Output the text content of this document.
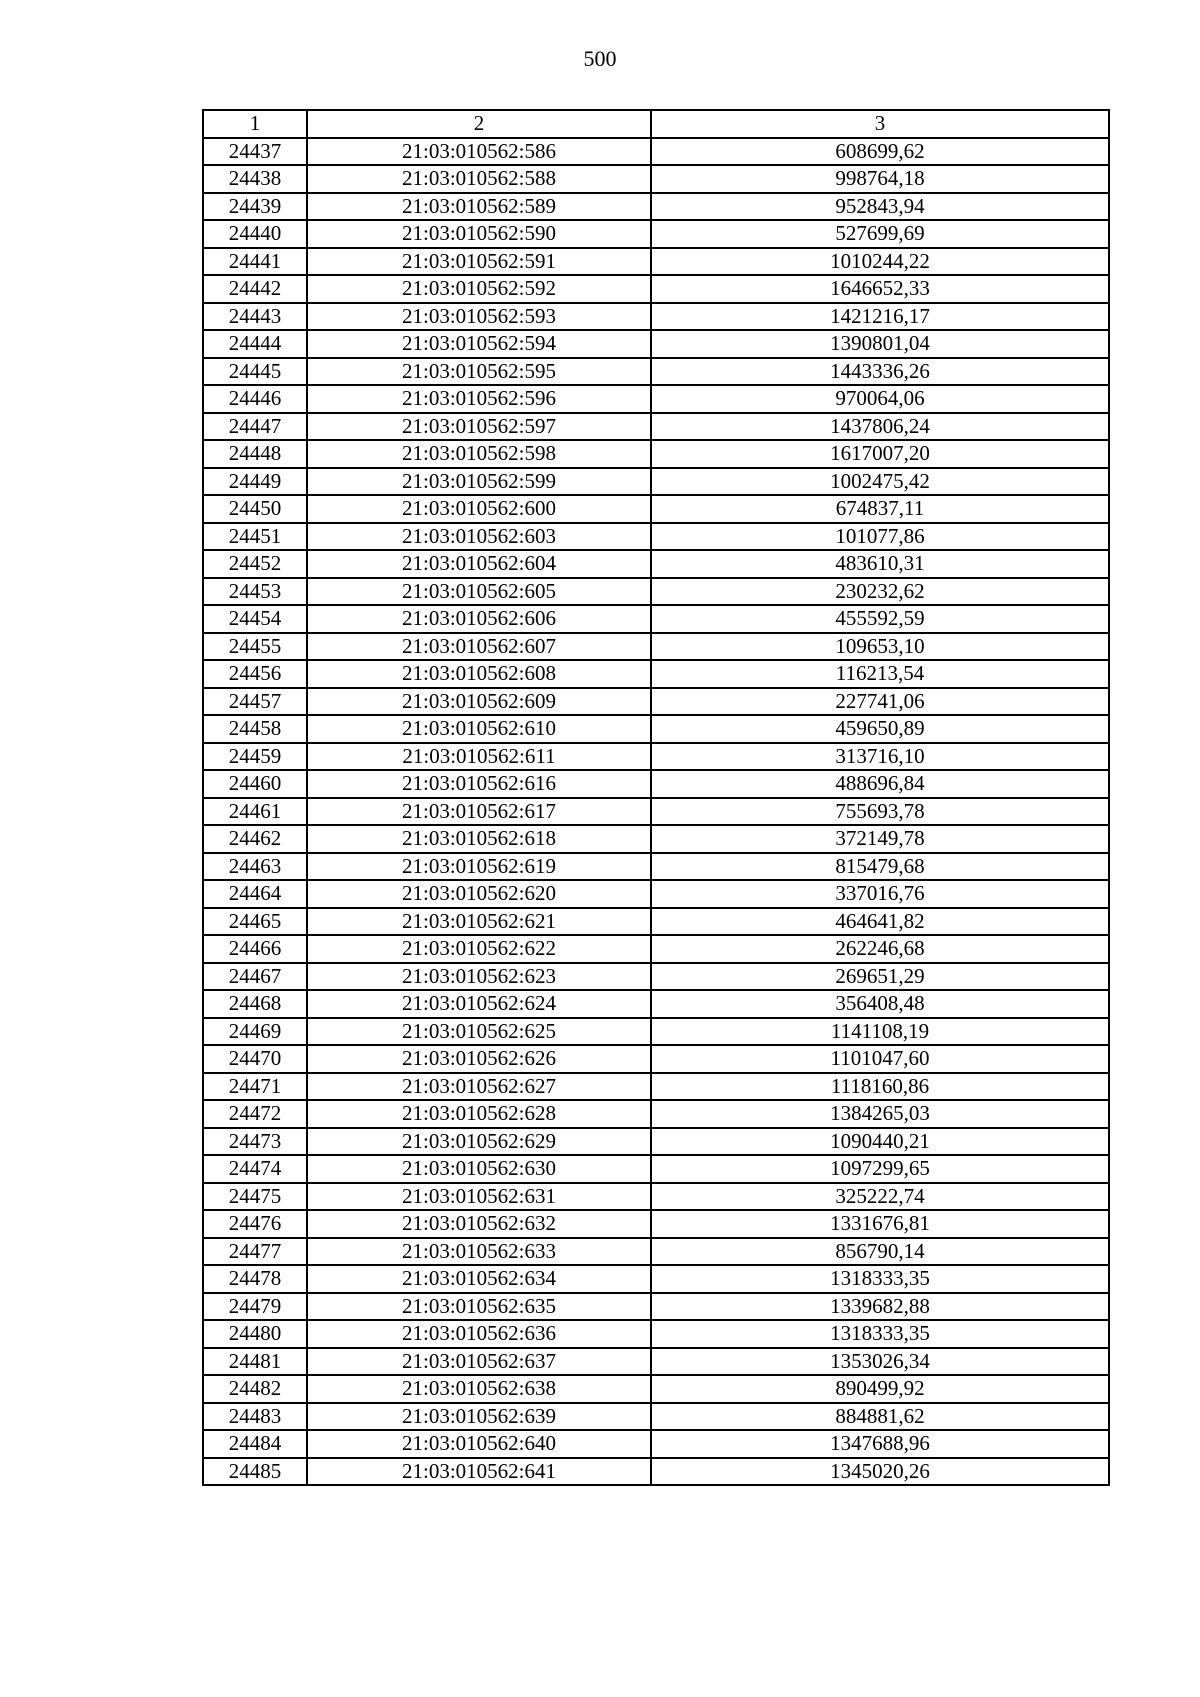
500
1	2	3
24437	21:03:010562:586	608699,62
24438	21:03:010562:588	998764,18
24439	21:03:010562:589	952843,94
24440	21:03:010562:590	527699,69
24441	21:03:010562:591	1010244,22
24442	21:03:010562:592	1646652,33
24443	21:03:010562:593	1421216,17
24444	21:03:010562:594	1390801,04
24445	21:03:010562:595	1443336,26
24446	21:03:010562:596	970064,06
24447	21:03:010562:597	1437806,24
24448	21:03:010562:598	1617007,20
24449	21:03:010562:599	1002475,42
24450	21:03:010562:600	674837,11
24451	21:03:010562:603	101077,86
24452	21:03:010562:604	483610,31
24453	21:03:010562:605	230232,62
24454	21:03:010562:606	455592,59
24455	21:03:010562:607	109653,10
24456	21:03:010562:608	116213,54
24457	21:03:010562:609	227741,06
24458	21:03:010562:610	459650,89
24459	21:03:010562:611	313716,10
24460	21:03:010562:616	488696,84
24461	21:03:010562:617	755693,78
24462	21:03:010562:618	372149,78
24463	21:03:010562:619	815479,68
24464	21:03:010562:620	337016,76
24465	21:03:010562:621	464641,82
24466	21:03:010562:622	262246,68
24467	21:03:010562:623	269651,29
24468	21:03:010562:624	356408,48
24469	21:03:010562:625	1141108,19
24470	21:03:010562:626	1101047,60
24471	21:03:010562:627	1118160,86
24472	21:03:010562:628	1384265,03
24473	21:03:010562:629	1090440,21
24474	21:03:010562:630	1097299,65
24475	21:03:010562:631	325222,74
24476	21:03:010562:632	1331676,81
24477	21:03:010562:633	856790,14
24478	21:03:010562:634	1318333,35
24479	21:03:010562:635	1339682,88
24480	21:03:010562:636	1318333,35
24481	21:03:010562:637	1353026,34
24482	21:03:010562:638	890499,92
24483	21:03:010562:639	884881,62
24484	21:03:010562:640	1347688,96
24485	21:03:010562:641	1345020,26
